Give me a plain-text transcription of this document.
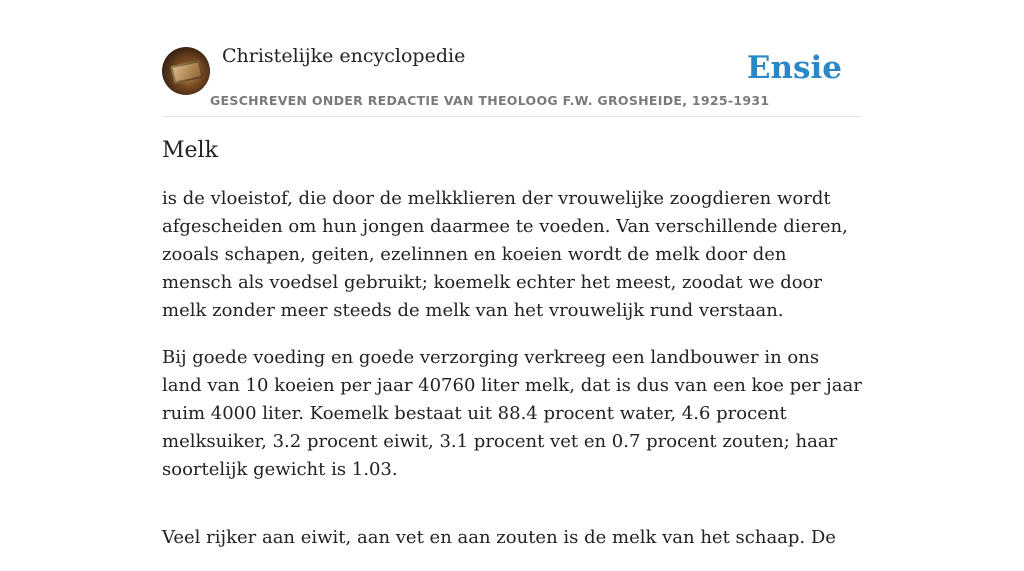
Christelijke encyclopedie
GESCHREVEN ONDER REDACTIE VAN THEOLOOG F.W. GROSHEIDE, 1925-1931
Ensie
Melk

is de vloeistof, die door de melkklieren der vrouwelijke zoogdieren wordt afgescheiden om hun jongen daarmee te voeden. Van verschillende dieren, zooals schapen, geiten, ezelinnen en koeien wordt de melk door den mensch als voedsel gebruikt; koemelk echter het meest, zoodat we door melk zonder meer steeds de melk van het vrouwelijk rund verstaan.

Bij goede voeding en goede verzorging verkreeg een landbouwer in ons land van 10 koeien per jaar 40760 liter melk, dat is dus van een koe per jaar ruim 4000 liter. Koemelk bestaat uit 88.4 procent water, 4.6 procent melksuiker, 3.2 procent eiwit, 3.1 procent vet en 0.7 procent zouten; haar soortelijk gewicht is 1.03.

Veel rijker aan eiwit, aan vet en aan zouten is de melk van het schaap. De
